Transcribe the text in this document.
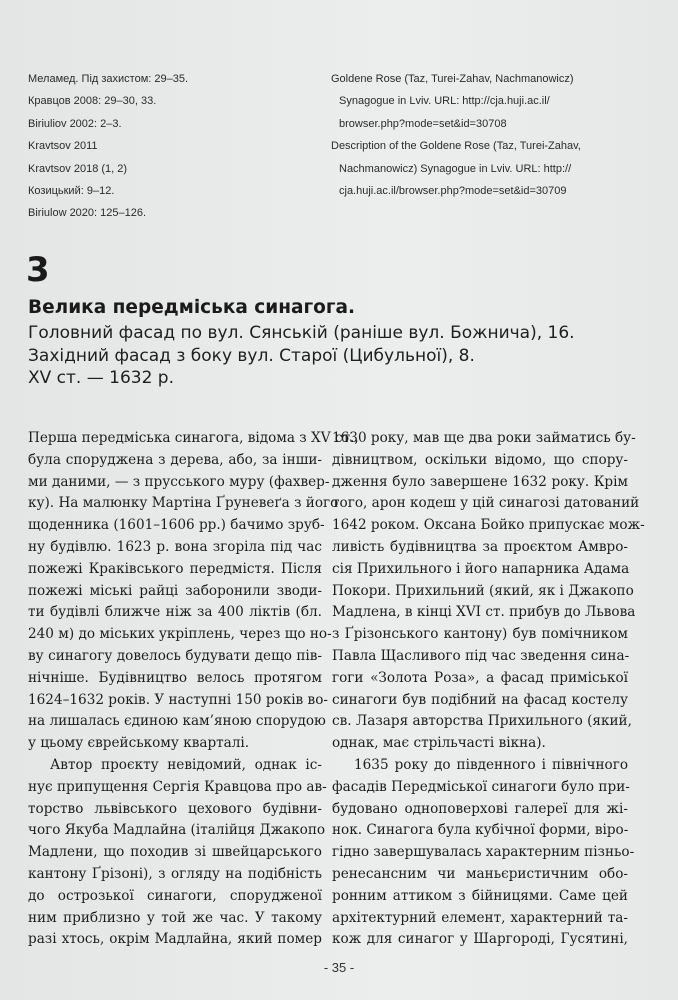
Меламед. Під захистом: 29–35.
Кравцов 2008: 29–30, 33.
Biriuliov 2002: 2–3.
Kravtsov 2011
Kravtsov 2018 (1, 2)
Козицький: 9–12.
Biriulow 2020: 125–126.
Goldene Rose (Taz, Turei-Zahav, Nachmanowicz)
Synagogue in Lviv. URL: http://cja.huji.ac.il/
browser.php?mode=set&id=30708
Description of the Goldene Rose (Taz, Turei-Zahav,
Nachmanowicz) Synagogue in Lviv. URL: http://
cja.huji.ac.il/browser.php?mode=set&id=30709
3
Велика передміська синагога.
Головний фасад по вул. Сянській (раніше вул. Божнича), 16.
Західний фасад з боку вул. Старої (Цибульної), 8.
XV ст. — 1632 р.
Перша передміська синагога, відома з XV ст.,
була споруджена з дерева, або, за інши-
ми даними, — з прусського муру (фахвер-
ку). На малюнку Мартіна Ґруневеґа з його
щоденника (1601–1606 рр.) бачимо зруб-
ну будівлю. 1623 р. вона згоріла під час
пожежі Краківського передмістя. Після
пожежі міські райці заборонили зводи-
ти будівлі ближче ніж за 400 ліктів (бл.
240 м) до міських укріплень, через що но-
ву синагогу довелось будувати дещо пів-
нічніше. Будівництво велось протягом
1624–1632 років. У наступні 150 років во-
на лишалась єдиною кам’яною спорудою
у цьому єврейському кварталі.
Автор проєкту невідомий, однак іс-
нує припущення Сергія Кравцова про ав-
торство львівського цехового будівни-
чого Якуба Мадлайна (італійця Джакопо
Мадлени, що походив зі швейцарського
кантону Ґрізоні), з огляду на подібність
до острозької синагоги, спорудженої
ним приблизно у той же час. У такому
разі хтось, окрім Мадлайна, який помер
1630 року, мав ще два роки займатись бу-
дівництвом, оскільки відомо, що спору-
дження було завершене 1632 року. Крім
того, арон кодеш у цій синагозі датований
1642 роком. Оксана Бойко припускає мож-
ливість будівництва за проєктом Амвро-
сія Прихильного і його напарника Адама
Покори. Прихильний (який, як і Джакопо
Мадлена, в кінці XVI ст. прибув до Львова
з Ґрізонського кантону) був помічником
Павла Щасливого під час зведення сина-
гоги «Золота Роза», а фасад приміської
синагоги був подібний на фасад костелу
св. Лазаря авторства Прихильного (який,
однак, має стрільчасті вікна).
1635 року до південного і північного
фасадів Передміської синагоги було при-
будовано одноповерхові галереї для жі-
нок. Синагога була кубічної форми, віро-
гідно завершувалась характерним пізньо-
ренесансним чи маньєристичним обо-
ронним аттиком з бійницями. Саме цей
архітектурний елемент, характерний та-
кож для синагог у Шаргороді, Гусятині,
- 35 -
